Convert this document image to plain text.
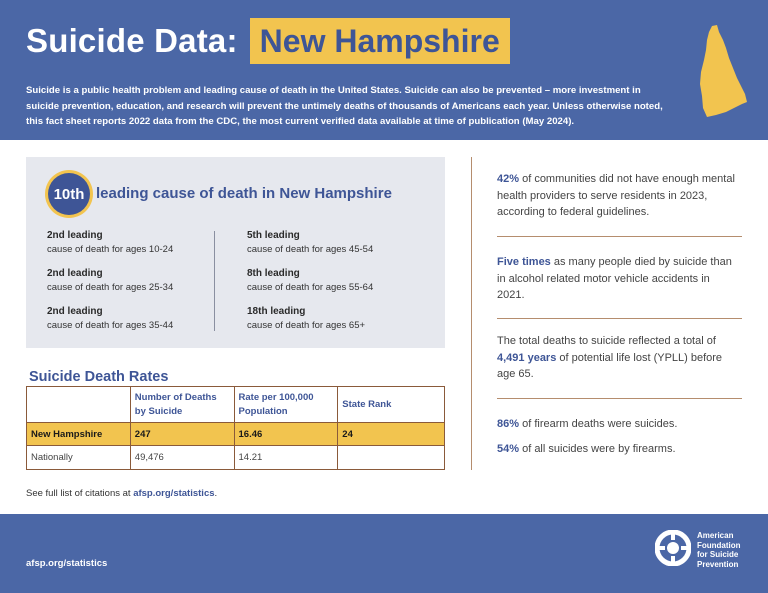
Suicide Data: New Hampshire

Suicide is a public health problem and leading cause of death in the United States. Suicide can also be prevented – more investment in suicide prevention, education, and research will prevent the untimely deaths of thousands of Americans each year. Unless otherwise noted, this fact sheet reports 2022 data from the CDC, the most current verified data available at time of publication (May 2024).

10th leading cause of death in New Hampshire
2nd leading
cause of death for ages 10-24
2nd leading
cause of death for ages 25-34
2nd leading
cause of death for ages 35-44
5th leading
cause of death for ages 45-54
8th leading
cause of death for ages 55-64
18th leading
cause of death for ages 65+
Suicide Death Rates
	Number of Deaths by Suicide	Rate per 100,000 Population	State Rank
New Hampshire	247	16.46	24
Nationally	49,476	14.21	
See full list of citations at afsp.org/statistics.

42% of communities did not have enough mental health providers to serve residents in 2023, according to federal guidelines.

Five times as many people died by suicide than in alcohol related motor vehicle accidents in 2021.

The total deaths to suicide reflected a total of 4,491 years of potential life lost (YPLL) before age 65.

86% of firearm deaths were suicides.

54% of all suicides were by firearms.

afsp.org/statistics
American
Foundation
for Suicide
Prevention
